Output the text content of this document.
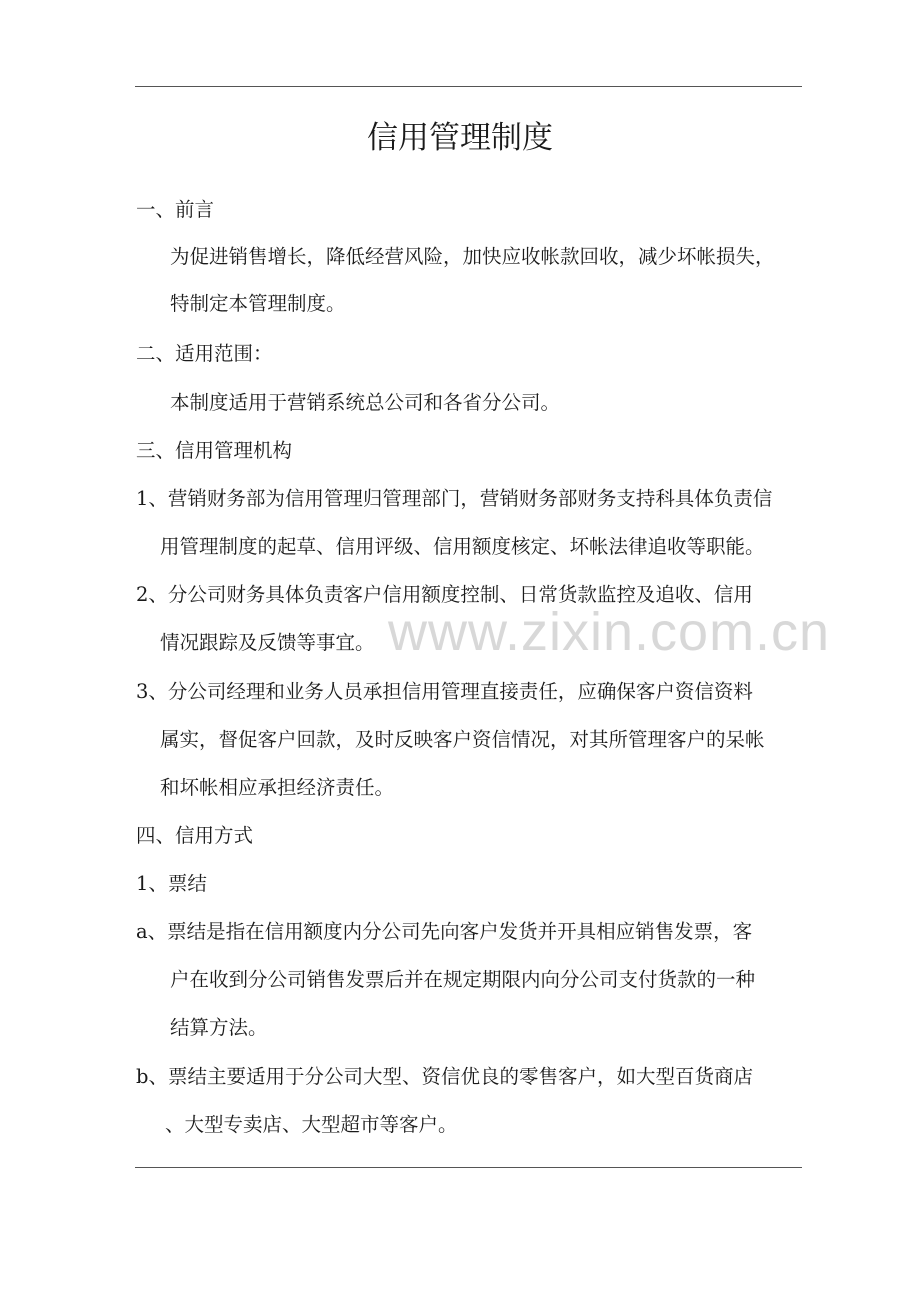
信用管理制度
一、前言
为促进销售增长，降低经营风险，加快应收帐款回收，减少坏帐损失，
特制定本管理制度。
二、适用范围：
本制度适用于营销系统总公司和各省分公司。
三、信用管理机构
1、营销财务部为信用管理归管理部门，营销财务部财务支持科具体负责信
用管理制度的起草、信用评级、信用额度核定、坏帐法律追收等职能。
2、分公司财务具体负责客户信用额度控制、日常货款监控及追收、信用
情况跟踪及反馈等事宜。
3、分公司经理和业务人员承担信用管理直接责任，应确保客户资信资料
属实，督促客户回款，及时反映客户资信情况，对其所管理客户的呆帐
和坏帐相应承担经济责任。
四、信用方式
1、票结
a、票结是指在信用额度内分公司先向客户发货并开具相应销售发票，客
户在收到分公司销售发票后并在规定期限内向分公司支付货款的一种
结算方法。
b、票结主要适用于分公司大型、资信优良的零售客户，如大型百货商店
、大型专卖店、大型超市等客户。
www.zixin.com.cn
